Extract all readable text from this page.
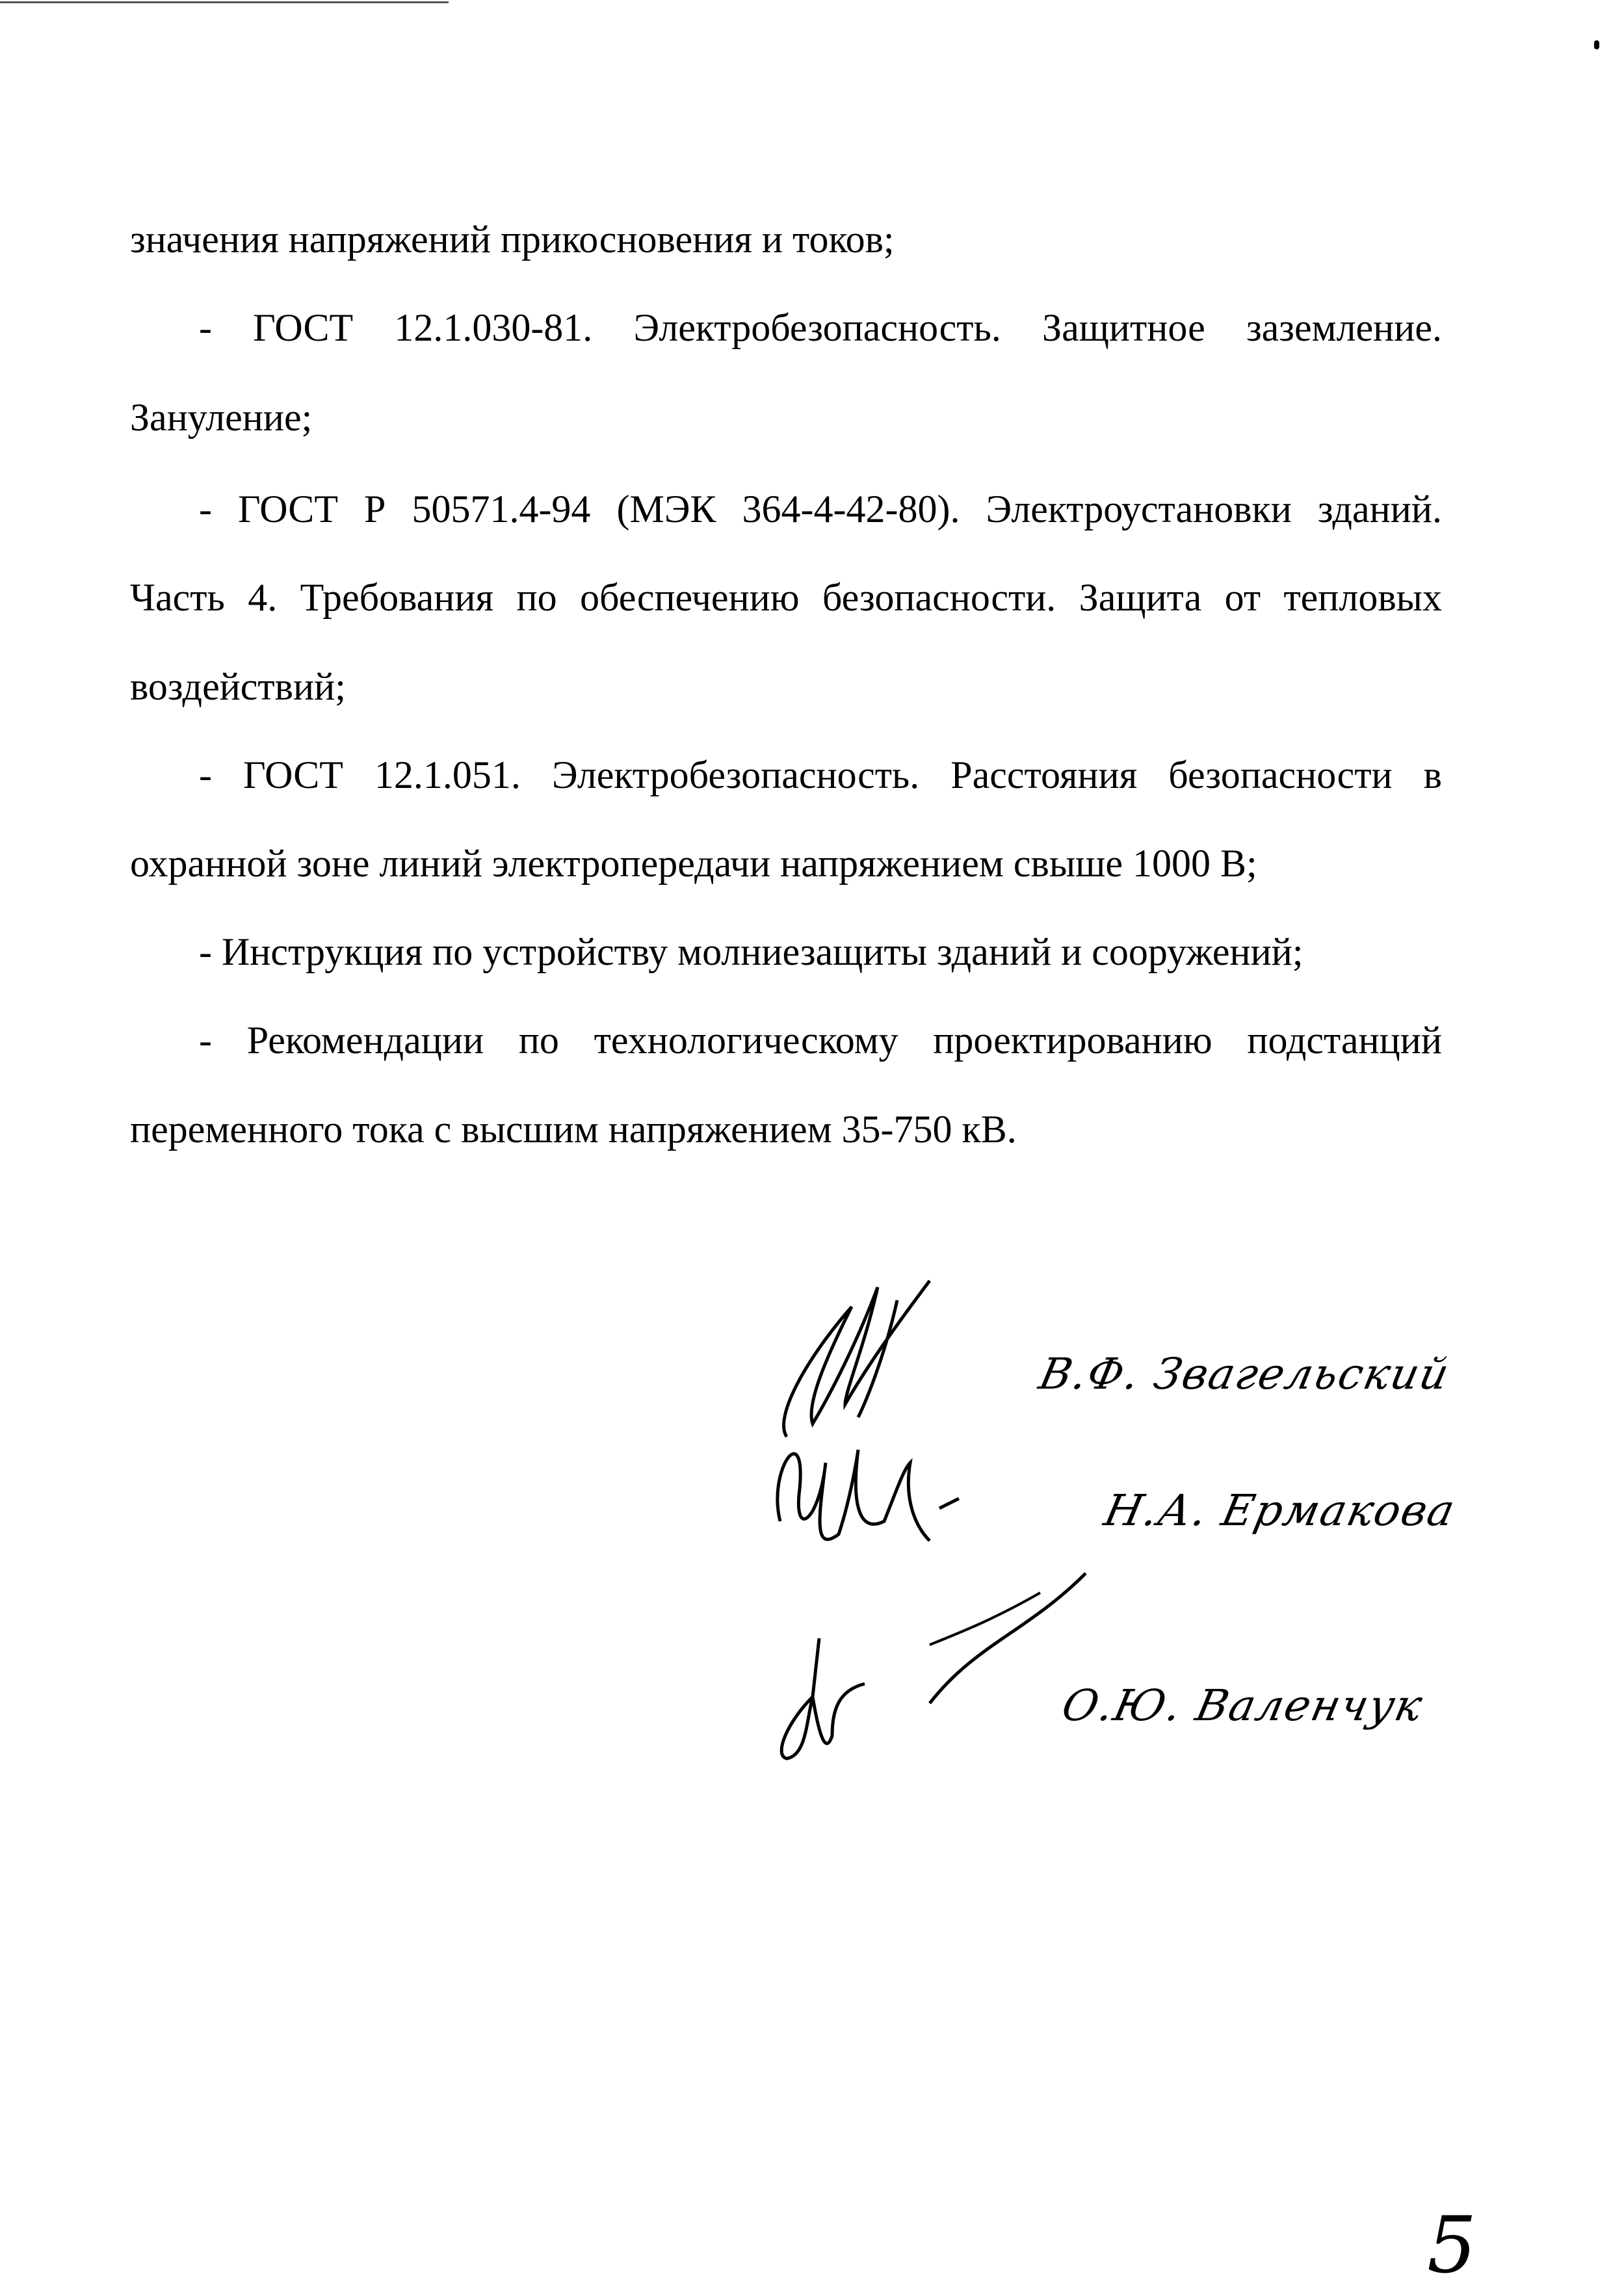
значения напряжений прикосновения и токов;
- ГОСТ 12.1.030-81. Электробезопасность. Защитное заземление.
Зануление;
- ГОСТ Р 50571.4-94 (МЭК 364-4-42-80). Электроустановки зданий.
Часть 4. Требования по обеспечению безопасности. Защита от тепловых
воздействий;
- ГОСТ 12.1.051. Электробезопасность. Расстояния безопасности в
охранной зоне линий электропередачи напряжением свыше 1000 В;
- Инструкция по устройству молниезащиты зданий и сооружений;
- Рекомендации по технологическому проектированию подстанций
переменного тока с высшим напряжением 35-750 кВ.
В.Ф. Звагельский
Н.А. Ермакова
О.Ю. Валенчук
5
